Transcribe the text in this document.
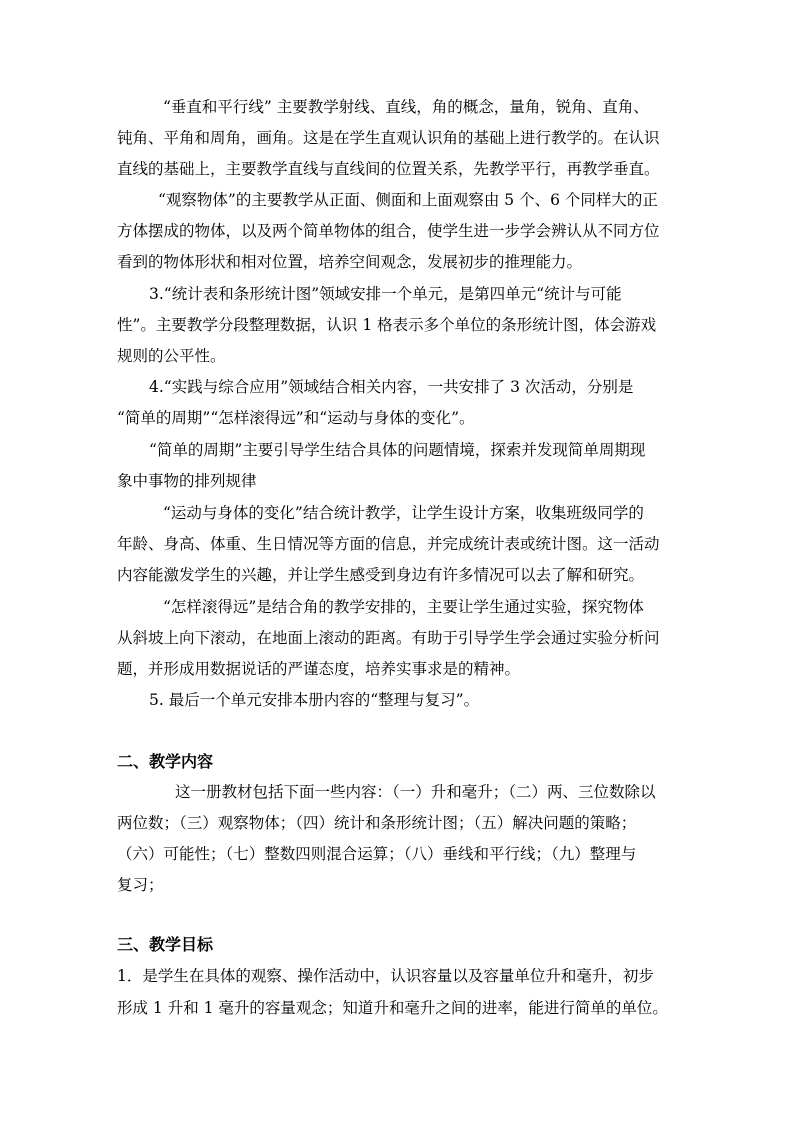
“垂直和平行线” 主要教学射线、直线，角的概念，量角，锐角、直角、

钝角、平角和周角，画角。这是在学生直观认识角的基础上进行教学的。在认识

直线的基础上，主要教学直线与直线间的位置关系，先教学平行，再教学垂直。

“观察物体”的主要教学从正面、侧面和上面观察由 5 个、6 个同样大的正

方体摆成的物体，以及两个简单物体的组合，使学生进一步学会辨认从不同方位

看到的物体形状和相对位置，培养空间观念，发展初步的推理能力。

3.“统计表和条形统计图”领域安排一个单元，是第四单元“统计与可能

性”。主要教学分段整理数据，认识 1 格表示多个单位的条形统计图，体会游戏

规则的公平性。

4.“实践与综合应用”领域结合相关内容，一共安排了 3 次活动，分别是

“简单的周期”“怎样滚得远”和“运动与身体的变化”。

“简单的周期”主要引导学生结合具体的问题情境，探索并发现简单周期现

象中事物的排列规律

“运动与身体的变化”结合统计教学，让学生设计方案，收集班级同学的

年龄、身高、体重、生日情况等方面的信息，并完成统计表或统计图。这一活动

内容能激发学生的兴趣，并让学生感受到身边有许多情况可以去了解和研究。

“怎样滚得远”是结合角的教学安排的，主要让学生通过实验，探究物体

从斜坡上向下滚动，在地面上滚动的距离。有助于引导学生学会通过实验分析问

题，并形成用数据说话的严谨态度，培养实事求是的精神。

5. 最后一个单元安排本册内容的“整理与复习”。

二、教学内容

这一册教材包括下面一些内容：（一）升和毫升；（二）两、三位数除以

两位数；（三）观察物体；（四）统计和条形统计图；（五）解决问题的策略；

（六）可能性；（七）整数四则混合运算；（八）垂线和平行线；（九）整理与

复习；

三、教学目标

1．是学生在具体的观察、操作活动中，认识容量以及容量单位升和毫升，初步

形成 1 升和 1 毫升的容量观念；知道升和毫升之间的进率，能进行简单的单位。
